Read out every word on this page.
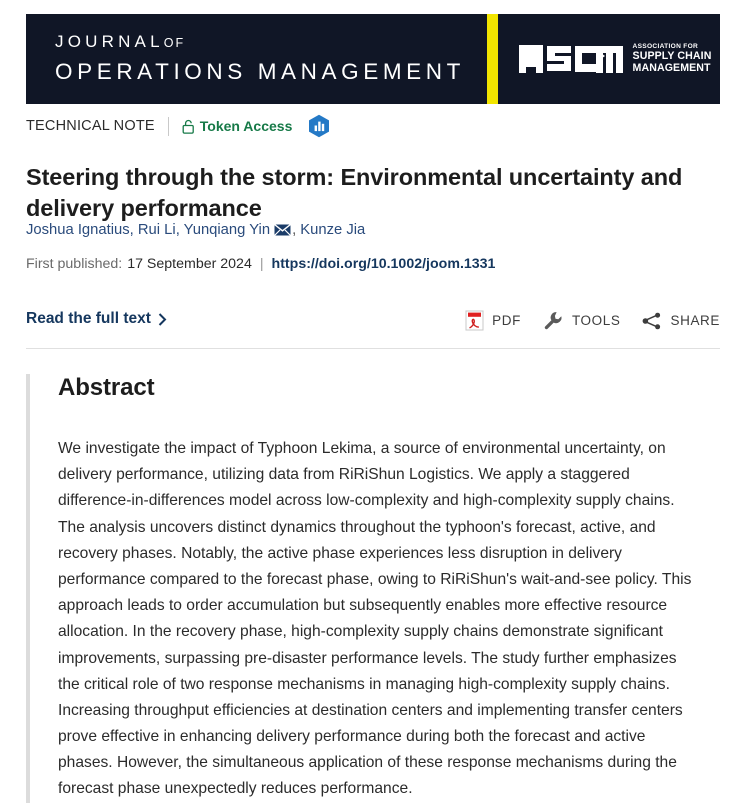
JOURNALOF
OPERATIONS MANAGEMENT
ASSOCIATION FOR
SUPPLY CHAIN
MANAGEMENT
TECHNICAL NOTE	Token Access
Steering through the storm: Environmental uncertainty and delivery performance
Joshua Ignatius, Rui Li, Yunqiang Yin , Kunze Jia
First published: 17 September 2024 | https://doi.org/10.1002/joom.1331
Read the full text	PDF	TOOLS	SHARE
Abstract

We investigate the impact of Typhoon Lekima, a source of environmental uncertainty, on delivery performance, utilizing data from RiRiShun Logistics. We apply a staggered difference-in-differences model across low-complexity and high-complexity supply chains. The analysis uncovers distinct dynamics throughout the typhoon's forecast, active, and recovery phases. Notably, the active phase experiences less disruption in delivery performance compared to the forecast phase, owing to RiRiShun's wait-and-see policy. This approach leads to order accumulation but subsequently enables more effective resource allocation. In the recovery phase, high-complexity supply chains demonstrate significant improvements, surpassing pre-disaster performance levels. The study further emphasizes the critical role of two response mechanisms in managing high-complexity supply chains. Increasing throughput efficiencies at destination centers and implementing transfer centers prove effective in enhancing delivery performance during both the forecast and active phases. However, the simultaneous application of these response mechanisms during the forecast phase unexpectedly reduces performance.
